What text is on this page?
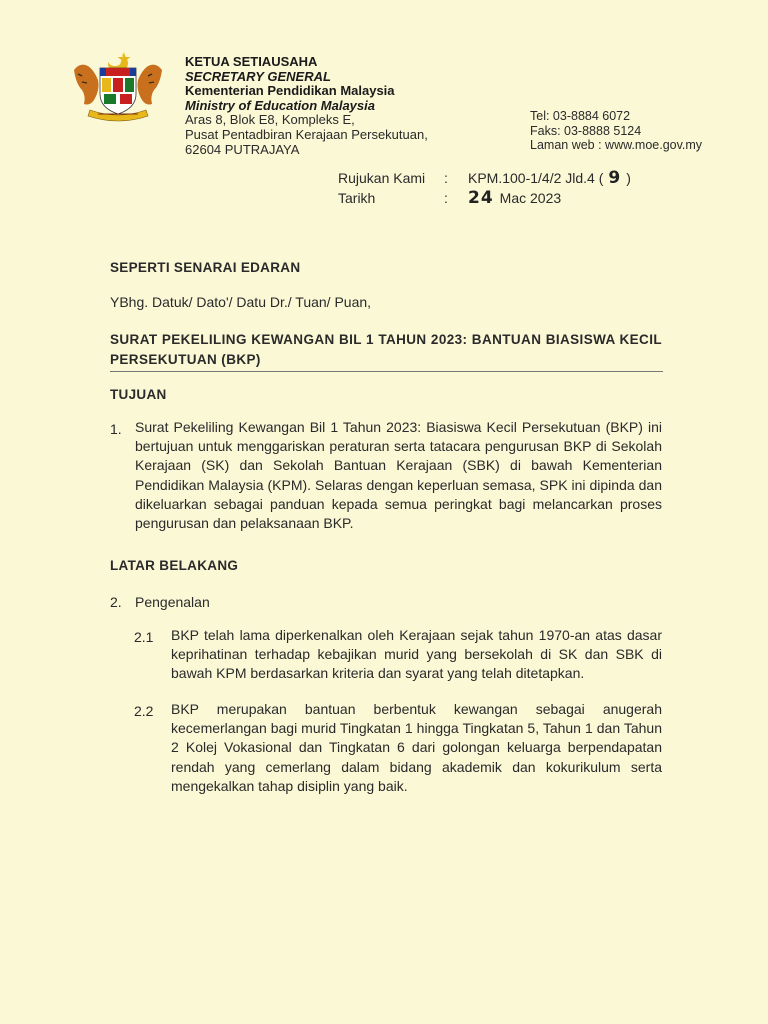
KETUA SETIAUSAHA
SECRETARY GENERAL
Kementerian Pendidikan Malaysia
Ministry of Education Malaysia
Aras 8, Blok E8, Kompleks E,
Pusat Pentadbiran Kerajaan Persekutuan,
62604 PUTRAJAYA
Tel: 03-8884 6072
Faks: 03-8888 5124
Laman web : www.moe.gov.my
Rujukan Kami	:	KPM.100-1/4/2 Jld.4 ( 9 )
Tarikh	:	24 Mac 2023
SEPERTI SENARAI EDARAN
YBhg. Datuk/ Dato'/ Datu Dr./ Tuan/ Puan,
SURAT PEKELILING KEWANGAN BIL 1 TAHUN 2023: BANTUAN BIASISWA KECIL PERSEKUTUAN (BKP)
TUJUAN
1. Surat Pekeliling Kewangan Bil 1 Tahun 2023: Biasiswa Kecil Persekutuan (BKP) ini bertujuan untuk menggariskan peraturan serta tatacara pengurusan BKP di Sekolah Kerajaan (SK) dan Sekolah Bantuan Kerajaan (SBK) di bawah Kementerian Pendidikan Malaysia (KPM). Selaras dengan keperluan semasa, SPK ini dipinda dan dikeluarkan sebagai panduan kepada semua peringkat bagi melancarkan proses pengurusan dan pelaksanaan BKP.
LATAR BELAKANG
2. Pengenalan
2.1 BKP telah lama diperkenalkan oleh Kerajaan sejak tahun 1970-an atas dasar keprihatinan terhadap kebajikan murid yang bersekolah di SK dan SBK di bawah KPM berdasarkan kriteria dan syarat yang telah ditetapkan.
2.2 BKP merupakan bantuan berbentuk kewangan sebagai anugerah kecemerlangan bagi murid Tingkatan 1 hingga Tingkatan 5, Tahun 1 dan Tahun 2 Kolej Vokasional dan Tingkatan 6 dari golongan keluarga berpendapatan rendah yang cemerlang dalam bidang akademik dan kokurikulum serta mengekalkan tahap disiplin yang baik.
